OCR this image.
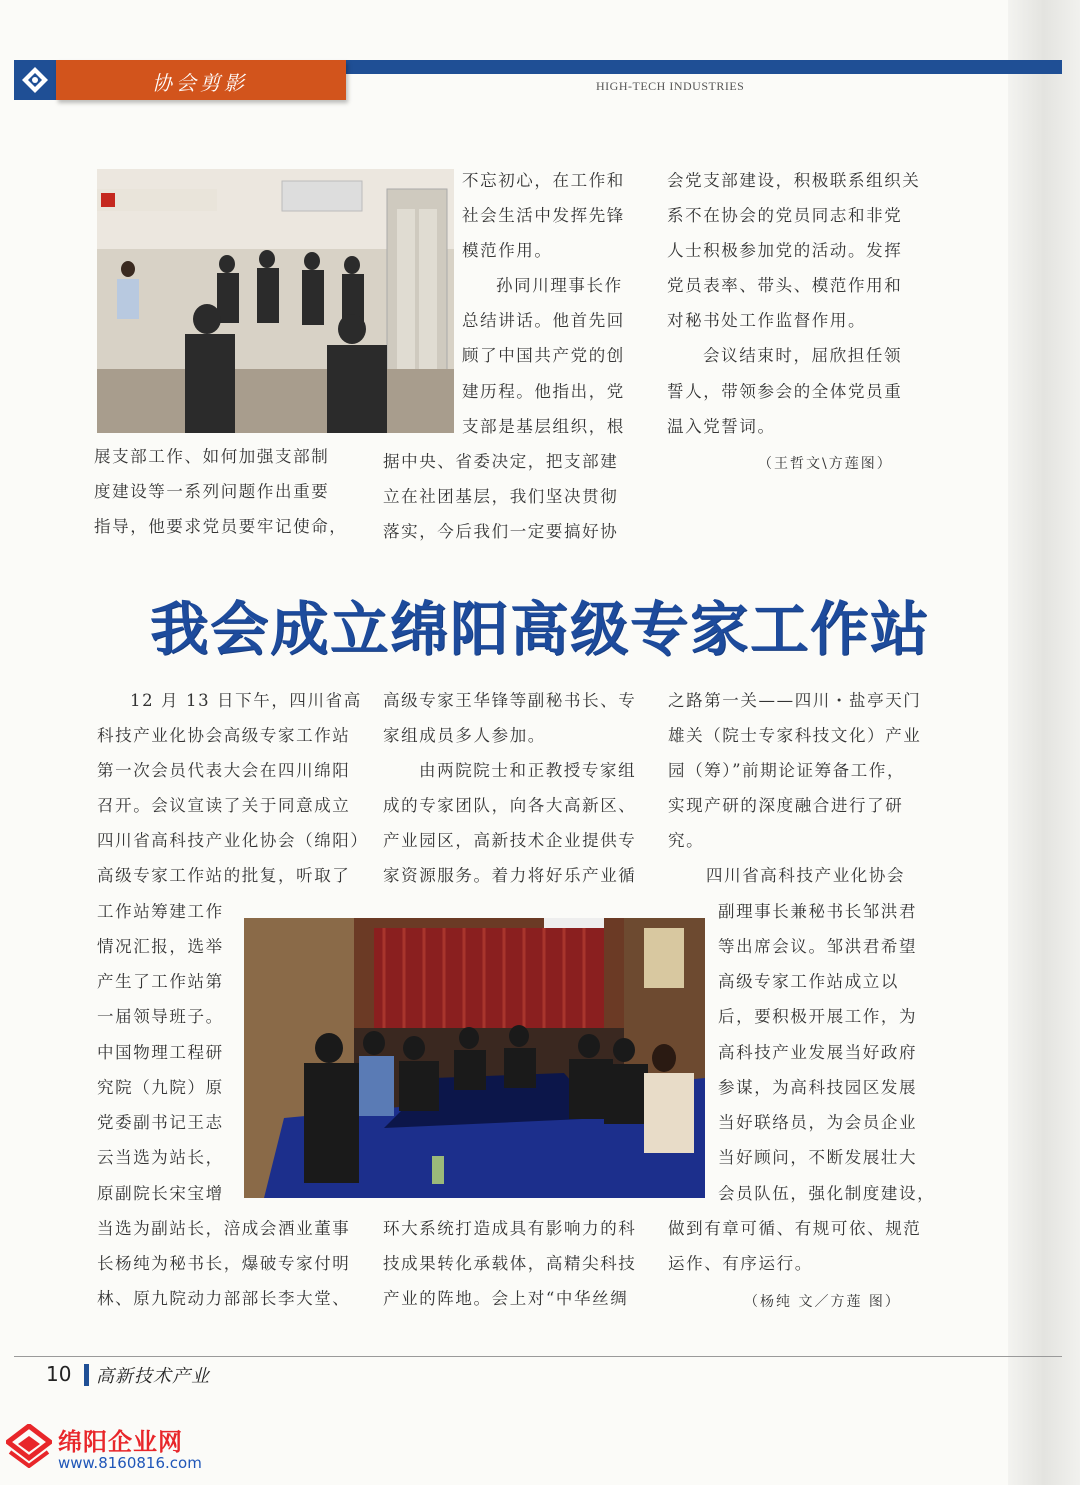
协会剪影	HIGH-TECH INDUSTRIES
展支部工作、如何加强支部制
度建设等一系列问题作出重要
指导，他要求党员要牢记使命，
不忘初心，在工作和
社会生活中发挥先锋
模范作用。
孙同川理事长作
总结讲话。他首先回
顾了中国共产党的创
建历程。他指出，党
支部是基层组织，根
据中央、省委决定，把支部建
立在社团基层，我们坚决贯彻
落实，今后我们一定要搞好协
会党支部建设，积极联系组织关
系不在协会的党员同志和非党
人士积极参加党的活动。发挥
党员表率、带头、模范作用和
对秘书处工作监督作用。
会议结束时，屈欣担任领
誓人，带领参会的全体党员重
温入党誓词。
（王哲文\方莲图）
我会成立绵阳高级专家工作站
12 月 13 日下午，四川省高
科技产业化协会高级专家工作站
第一次会员代表大会在四川绵阳
召开。会议宣读了关于同意成立
四川省高科技产业化协会（绵阳）
高级专家工作站的批复，听取了
工作站筹建工作
情况汇报，选举
产生了工作站第
一届领导班子。
中国物理工程研
究院（九院）原
党委副书记王志
云当选为站长，
原副院长宋宝增
当选为副站长，涪成会酒业董事
长杨纯为秘书长，爆破专家付明
林、原九院动力部部长李大堂、
高级专家王华锋等副秘书长、专
家组成员多人参加。
由两院院士和正教授专家组
成的专家团队，向各大高新区、
产业园区，高新技术企业提供专
家资源服务。着力将好乐产业循
环大系统打造成具有影响力的科
技成果转化承载体，高精尖科技
产业的阵地。会上对“中华丝绸
之路第一关——四川・盐亭天门
雄关（院士专家科技文化）产业
园（筹）”前期论证筹备工作，
实现产研的深度融合进行了研
究。
四川省高科技产业化协会
副理事长兼秘书长邹洪君
等出席会议。邹洪君希望
高级专家工作站成立以
后，要积极开展工作，为
高科技产业发展当好政府
参谋，为高科技园区发展
当好联络员，为会员企业
当好顾问，不断发展壮大
会员队伍，强化制度建设，
做到有章可循、有规可依、规范
运作、有序运行。
（杨纯 文／方莲 图）
10 高新技术产业
绵阳企业网
www.8160816.com
